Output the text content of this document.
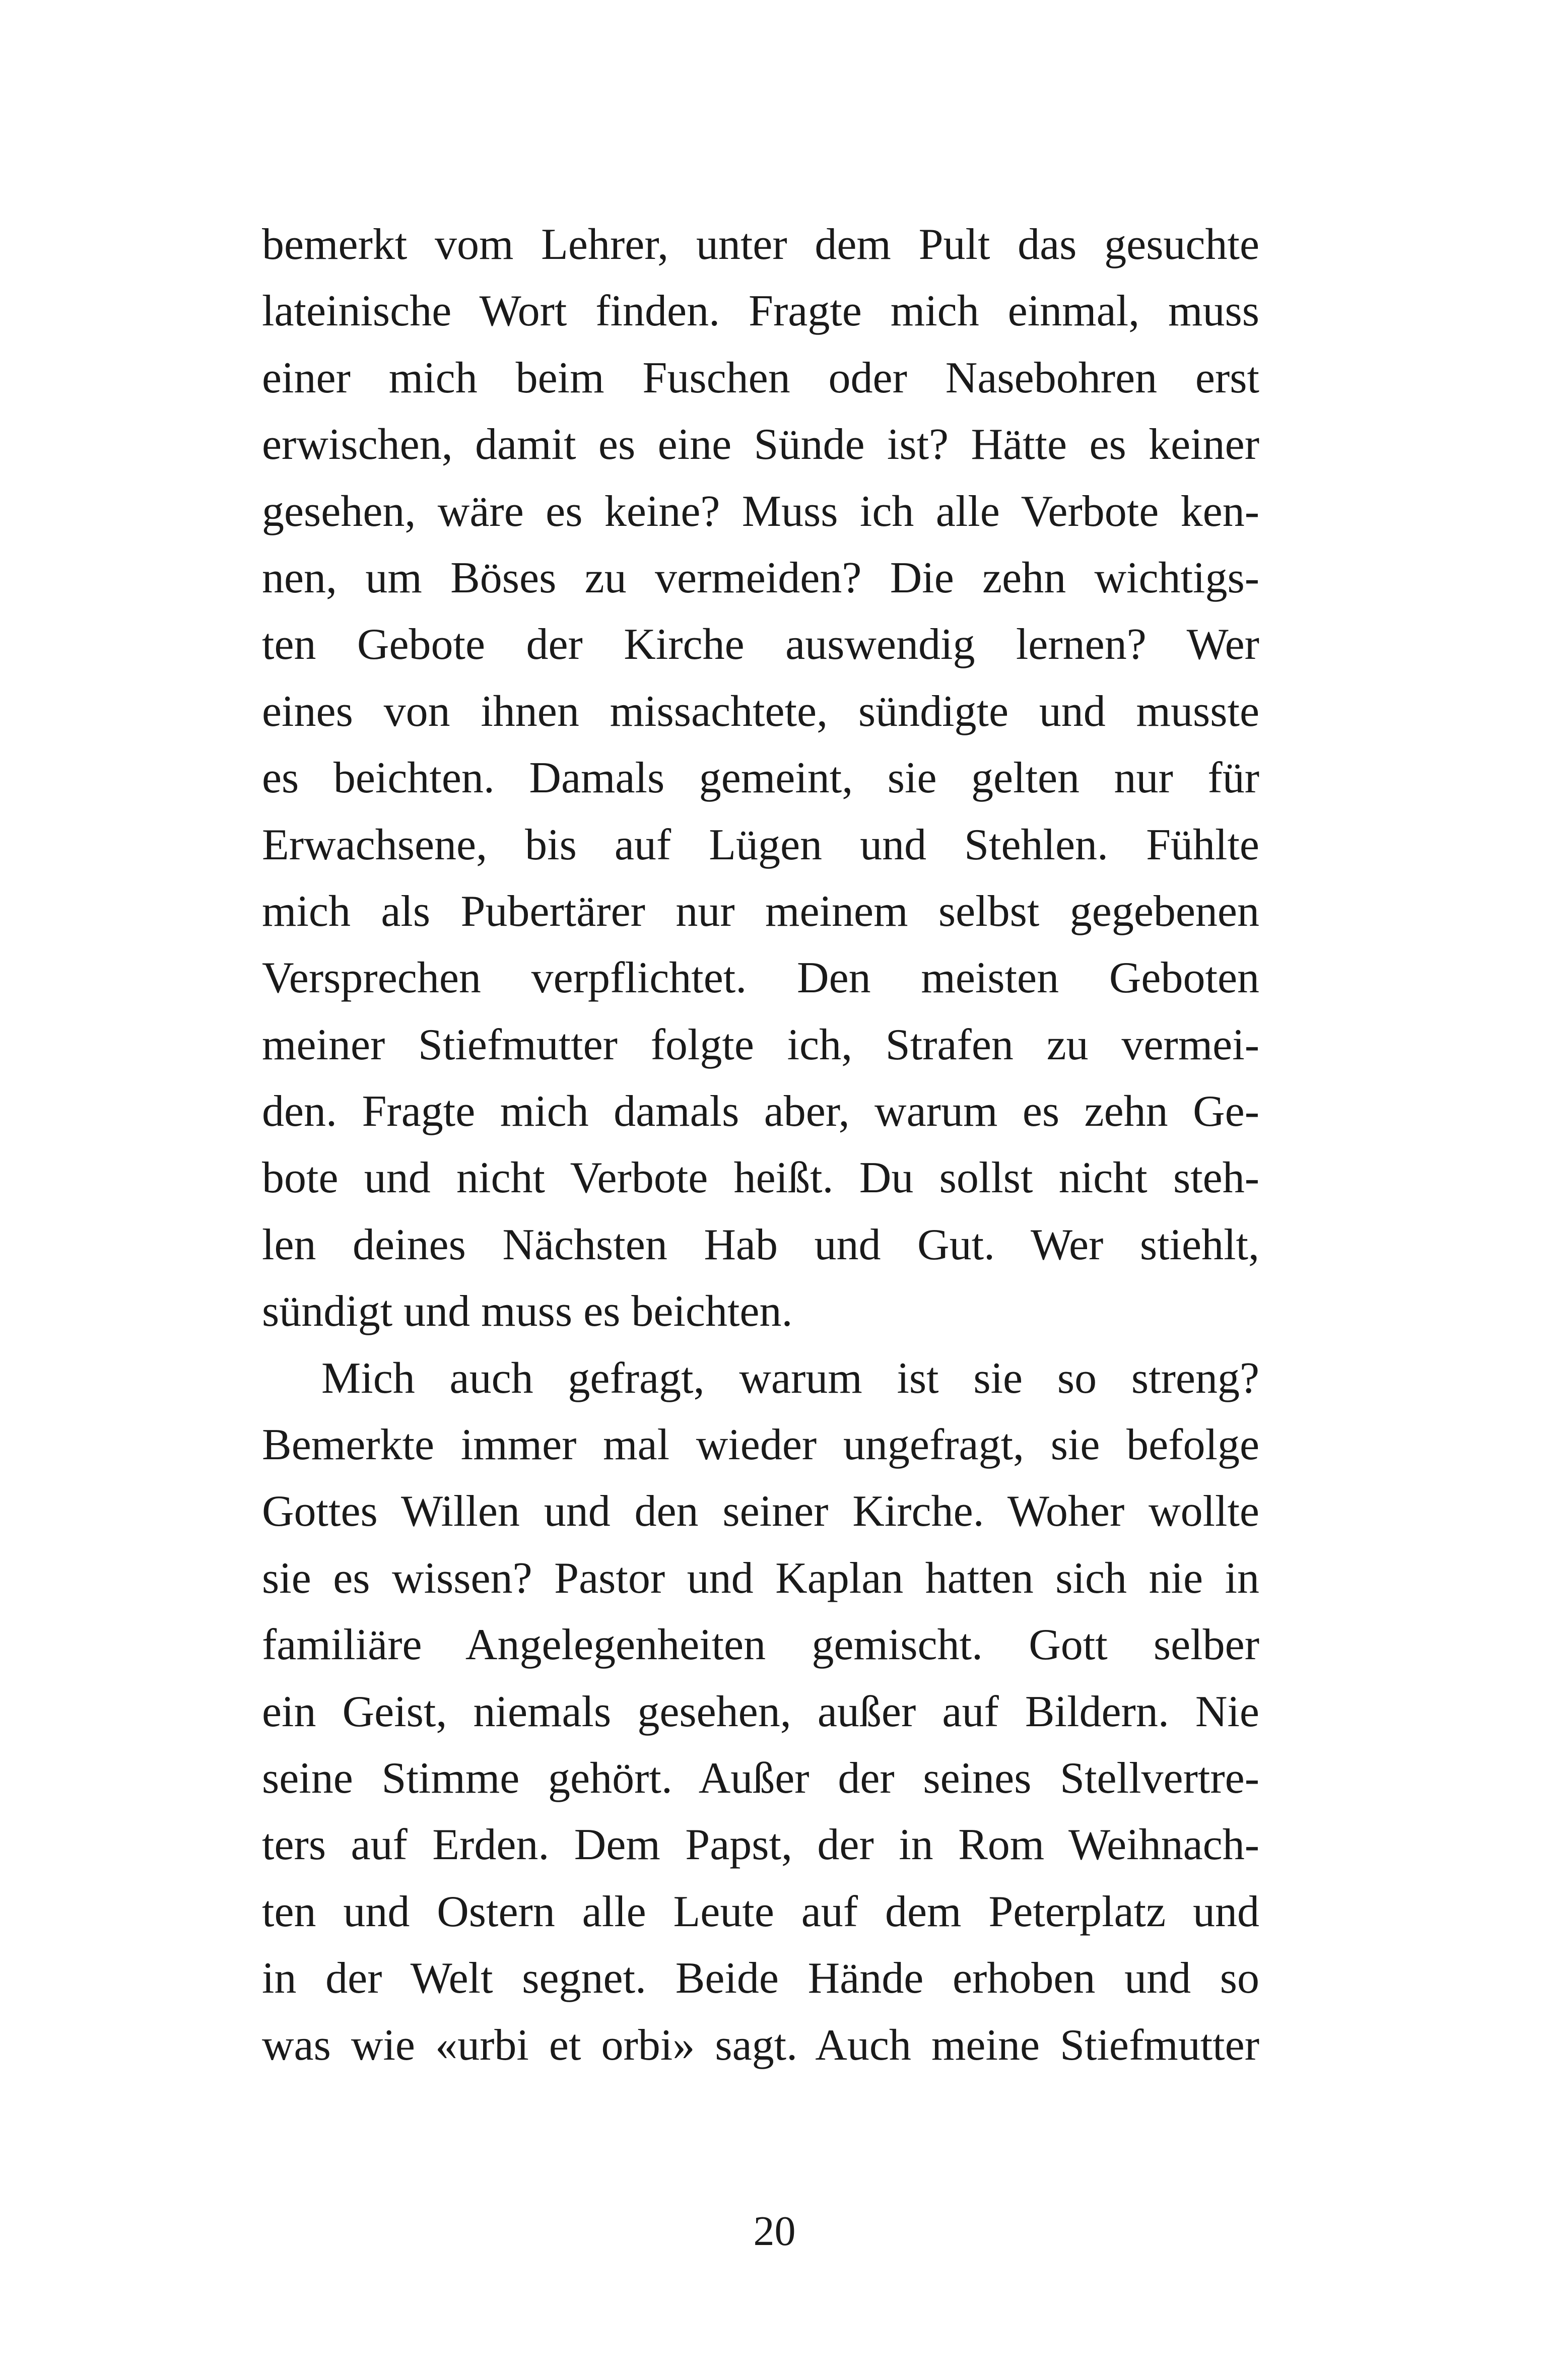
bemerkt vom Lehrer, unter dem Pult das gesuchte
lateinische Wort finden. Fragte mich einmal, muss
einer mich beim Fuschen oder Nasebohren erst
erwischen, damit es eine Sünde ist? Hätte es keiner
gesehen, wäre es keine? Muss ich alle Verbote ken-
nen, um Böses zu vermeiden? Die zehn wichtigs-
ten Gebote der Kirche auswendig lernen? Wer
eines von ihnen missachtete, sündigte und musste
es beichten. Damals gemeint, sie gelten nur für
Erwachsene, bis auf Lügen und Stehlen. Fühlte
mich als Pubertärer nur meinem selbst gegebenen
Versprechen verpflichtet. Den meisten Geboten
meiner Stiefmutter folgte ich, Strafen zu vermei-
den. Fragte mich damals aber, warum es zehn Ge-
bote und nicht Verbote heißt. Du sollst nicht steh-
len deines Nächsten Hab und Gut. Wer stiehlt,
sündigt und muss es beichten.
Mich auch gefragt, warum ist sie so streng?
Bemerkte immer mal wieder ungefragt, sie befolge
Gottes Willen und den seiner Kirche. Woher wollte
sie es wissen? Pastor und Kaplan hatten sich nie in
familiäre Angelegenheiten gemischt. Gott selber
ein Geist, niemals gesehen, außer auf Bildern. Nie
seine Stimme gehört. Außer der seines Stellvertre-
ters auf Erden. Dem Papst, der in Rom Weihnach-
ten und Ostern alle Leute auf dem Peterplatz und
in der Welt segnet. Beide Hände erhoben und so
was wie «urbi et orbi» sagt. Auch meine Stiefmutter
20
